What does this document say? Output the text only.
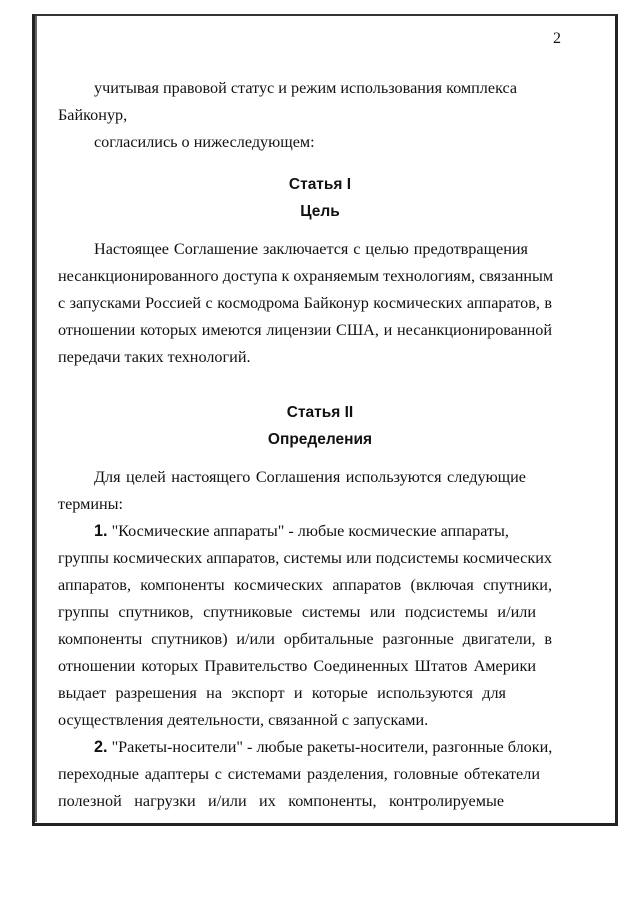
2
учитывая правовой статус и режим использования комплекса
Байконур,
согласились о нижеследующем:
Статья I
Цель
Настоящее Соглашение заключается с целью предотвращения
несанкционированного доступа к охраняемым технологиям, связанным
с запусками Россией с космодрома Байконур космических аппаратов, в
отношении которых имеются лицензии США, и несанкционированной
передачи таких технологий.
Статья II
Определения
Для целей настоящего Соглашения используются следующие
термины:
1. "Космические аппараты" - любые космические аппараты,
группы космических аппаратов, системы или подсистемы космических
аппаратов, компоненты космических аппаратов (включая спутники,
группы спутников, спутниковые системы или подсистемы и/или
компоненты спутников) и/или орбитальные разгонные двигатели, в
отношении которых Правительство Соединенных Штатов Америки
выдает разрешения на экспорт и которые используются для
осуществления деятельности, связанной с запусками.
2. "Ракеты-носители" - любые ракеты-носители, разгонные блоки,
переходные адаптеры с системами разделения, головные обтекатели
полезной нагрузки и/или их компоненты, контролируемые
